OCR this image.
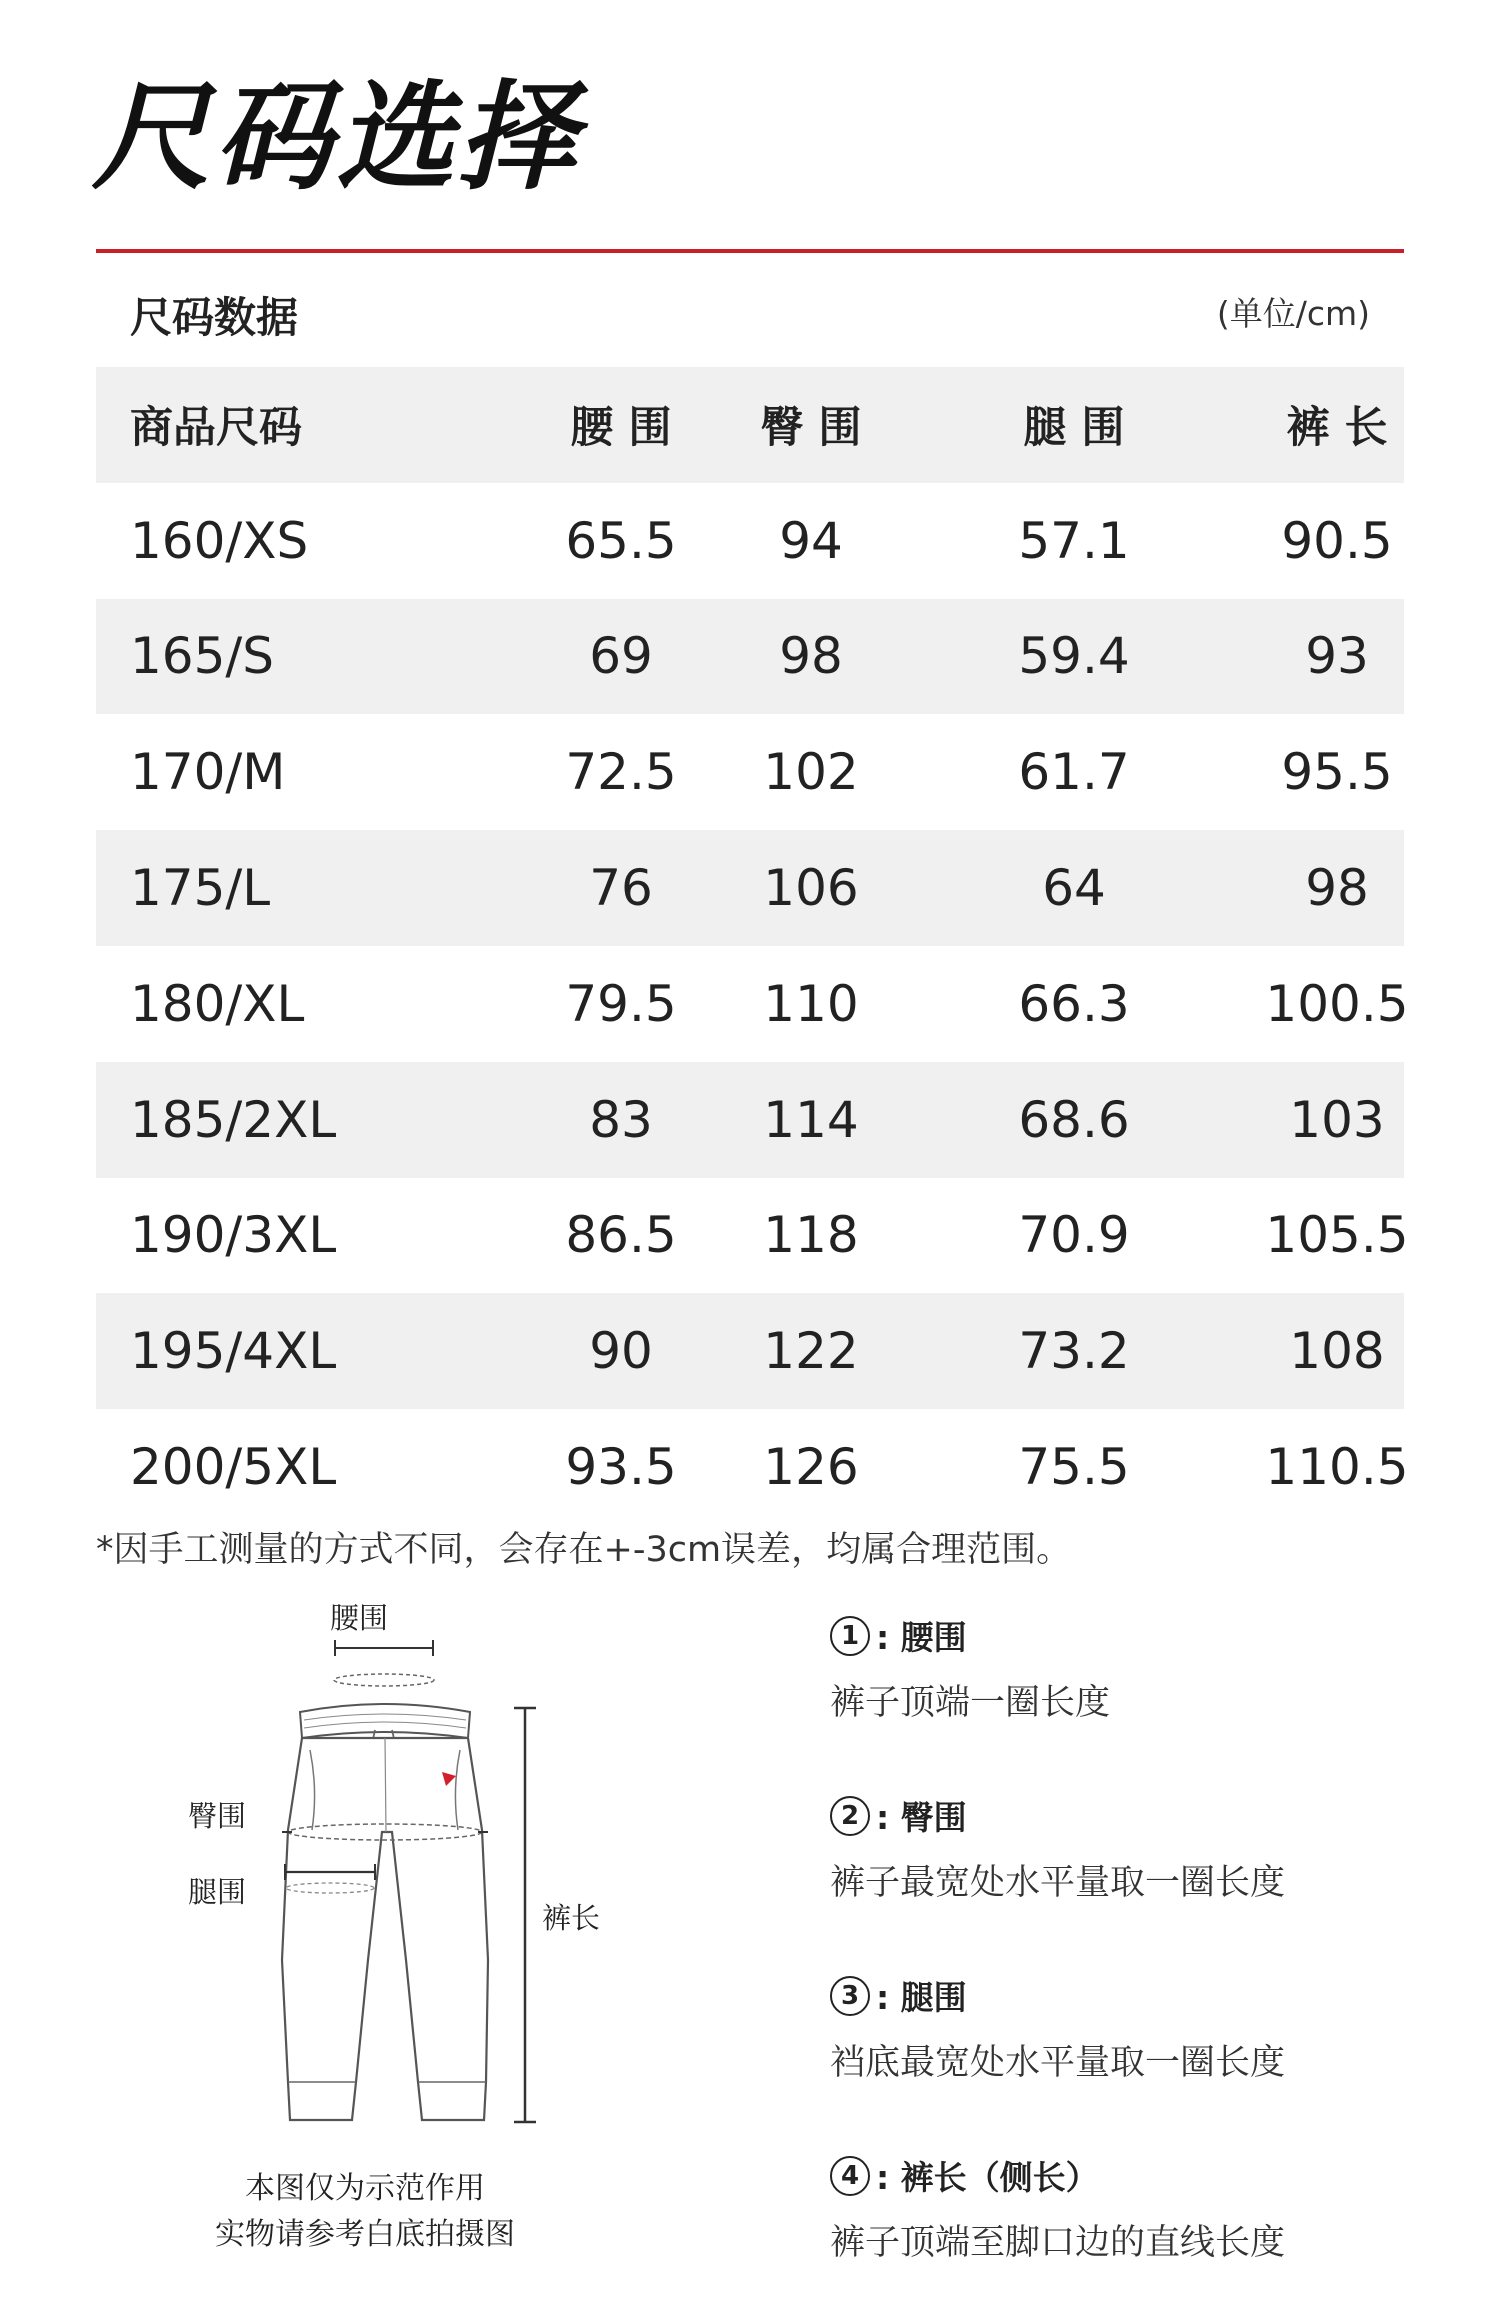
尺码选择
尺码数据	(单位/cm)
商品尺码	腰 围	臀 围	腿 围	裤 长
160/XS	65.5	94	57.1	90.5
165/S	69	98	59.4	93
170/M	72.5	102	61.7	95.5
175/L	76	106	64	98
180/XL	79.5	110	66.3	100.5
185/2XL	83	114	68.6	103
190/3XL	86.5	118	70.9	105.5
195/4XL	90	122	73.2	108
200/5XL	93.5	126	75.5	110.5
*因手工测量的方式不同，会存在+-3cm误差，均属合理范围。
腰围
臀围
腿围
裤长
本图仅为示范作用
实物请参考白底拍摄图
1 : 腰围
裤子顶端一圈长度
2 : 臀围
裤子最宽处水平量取一圈长度
3 : 腿围
裆底最宽处水平量取一圈长度
4 : 裤长（侧长）
裤子顶端至脚口边的直线长度
